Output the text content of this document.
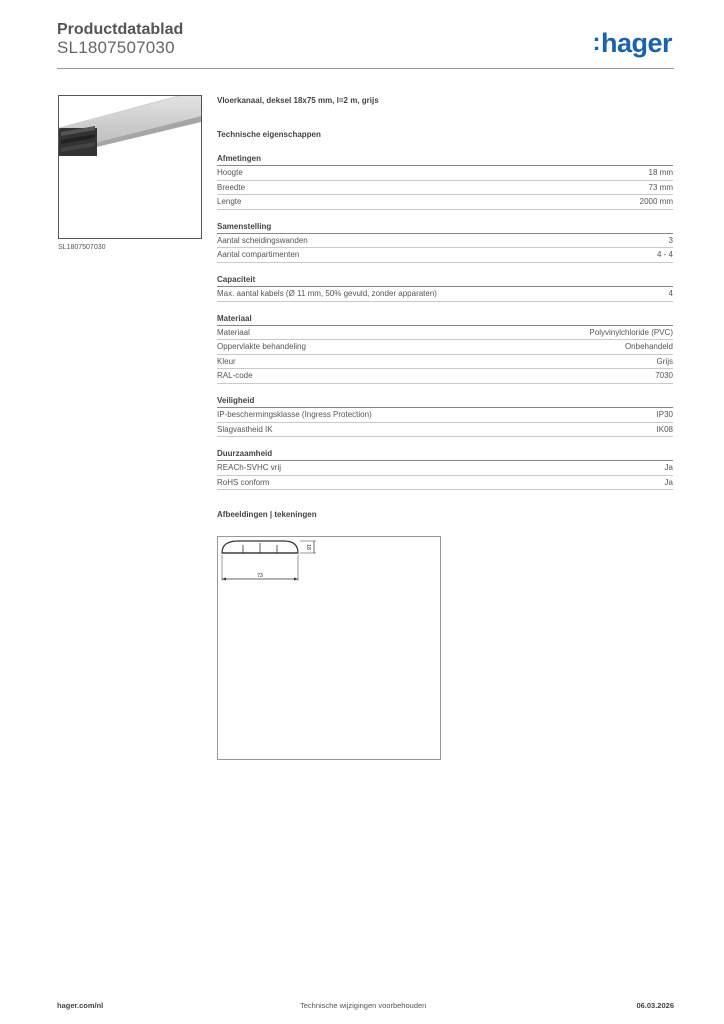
Productdatablad
SL1807507030	:hager
SL1807507030
Vloerkanaal, deksel 18x75 mm, l=2 m, grijs
Technische eigenschappen
Afmetingen
Hoogte	18 mm
Breedte	73 mm
Lengte	2000 mm
Samenstelling
Aantal scheidingswanden	3
Aantal compartimenten	4 - 4
Capaciteit
Max. aantal kabels (Ø 11 mm, 50% gevuld, zonder apparaten)	4
Materiaal
Materiaal	Polyvinylchloride (PVC)
Oppervlakte behandeling	Onbehandeld
Kleur	Grijs
RAL-code	7030
Veiligheid
IP-beschermingsklasse (Ingress Protection)	IP30
Slagvastheid IK	IK08
Duurzaamheid
REACh-SVHC vrij	Ja
RoHS conform	Ja
Afbeeldingen | tekeningen
73
18
hager.com/nl	Technische wijzigingen voorbehouden	06.03.2026
